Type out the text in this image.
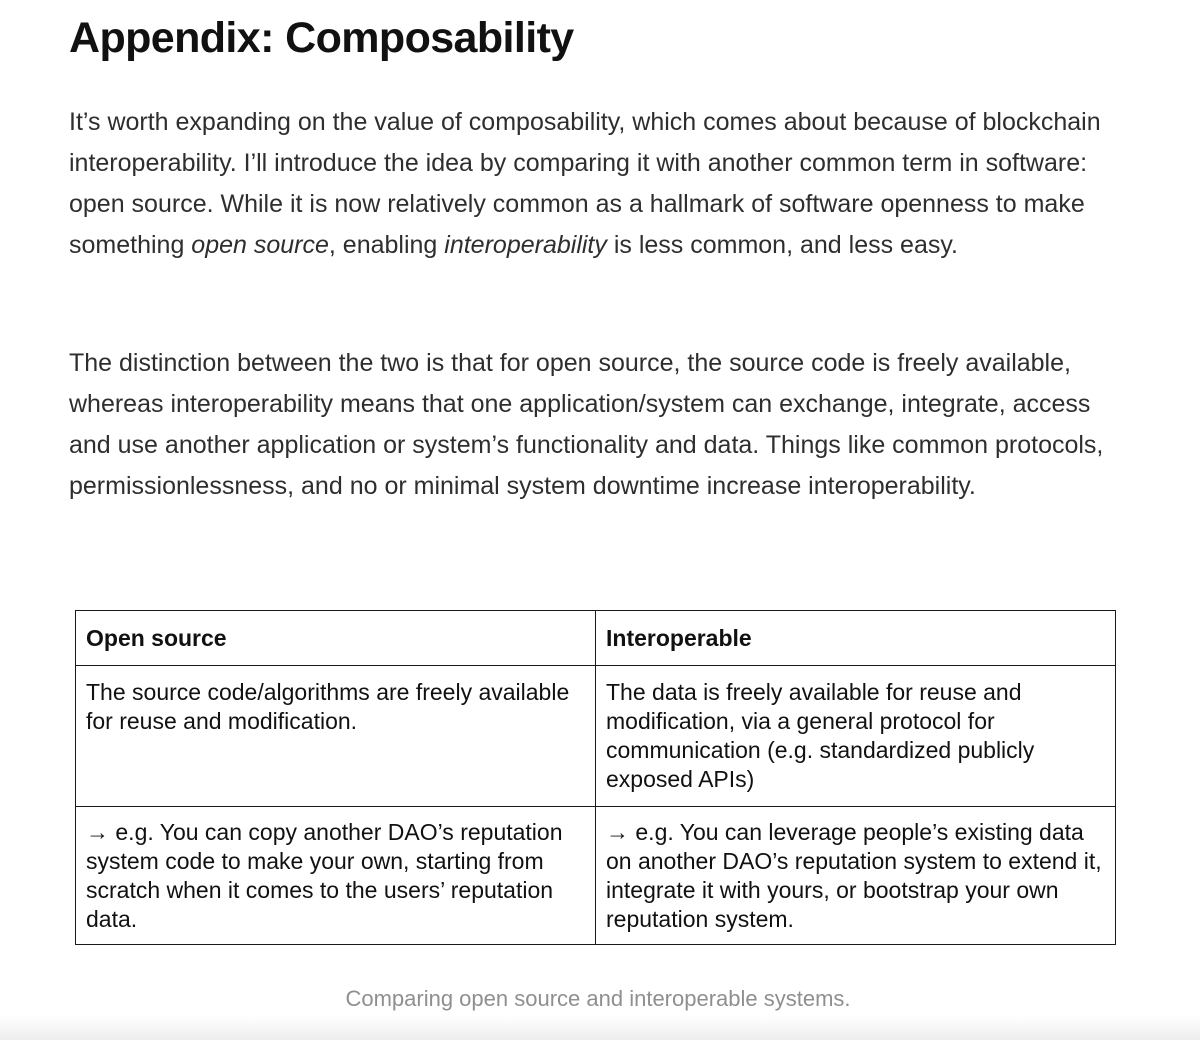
Appendix: Composability

It’s worth expanding on the value of composability, which comes about because of blockchain interoperability. I’ll introduce the idea by comparing it with another common term in software: open source. While it is now relatively common as a hallmark of software openness to make something open source, enabling interoperability is less common, and less easy.

The distinction between the two is that for open source, the source code is freely available, whereas interoperability means that one application/system can exchange, integrate, access and use another application or system’s functionality and data. Things like common protocols, permissionlessness, and no or minimal system downtime increase interoperability.

Open source	Interoperable
The source code/algorithms are freely available for reuse and modification.	The data is freely available for reuse and modification, via a general protocol for communication (e.g. standardized publicly exposed APIs)
→ e.g. You can copy another DAO’s reputation system code to make your own, starting from scratch when it comes to the users’ reputation data.	→ e.g. You can leverage people’s existing data on another DAO’s reputation system to extend it, integrate it with yours, or bootstrap your own reputation system.

Comparing open source and interoperable systems.
